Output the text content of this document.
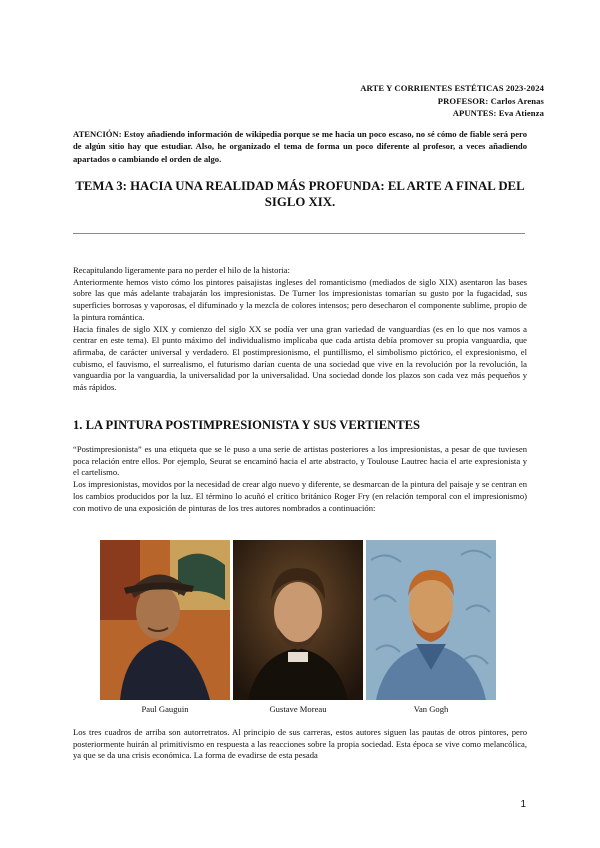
ARTE Y CORRIENTES ESTÉTICAS 2023-2024
PROFESOR: Carlos Arenas
APUNTES: Eva Atienza
ATENCIÓN: Estoy añadiendo información de wikipedia porque se me hacia un poco escaso, no sé cómo de fiable será pero de algún sitio hay que estudiar. Also, he organizado el tema de forma un poco diferente al profesor, a veces añadiendo apartados o cambiando el orden de algo.
TEMA 3: HACIA UNA REALIDAD MÁS PROFUNDA: EL ARTE A FINAL DEL SIGLO XIX.

Recapitulando ligeramente para no perder el hilo de la historia:

Anteriormente hemos visto cómo los pintores paisajistas ingleses del romanticismo (mediados de siglo XIX) asentaron las bases sobre las que más adelante trabajarán los impresionistas. De Turner los impresionistas tomarían su gusto por la fugacidad, sus superficies borrosas y vaporosas, el difuminado y la mezcla de colores intensos; pero desecharon el componente sublime, propio de la pintura romántica.

Hacia finales de siglo XIX y comienzo del siglo XX se podía ver una gran variedad de vanguardias (es en lo que nos vamos a centrar en este tema). El punto máximo del individualismo implicaba que cada artista debía promover su propia vanguardia, que afirmaba, de carácter universal y verdadero. El postimpresionismo, el puntillismo, el simbolismo pictórico, el expresionismo, el cubismo, el fauvismo, el surrealismo, el futurismo darían cuenta de una sociedad que vive en la revolución por la revolución, la vanguardia por la vanguardia, la universalidad por la universalidad. Una sociedad donde los plazos son cada vez más pequeños y más rápidos.

1. LA PINTURA POSTIMPRESIONISTA Y SUS VERTIENTES

“Postimpresionista” es una etiqueta que se le puso a una serie de artistas posteriores a los impresionistas, a pesar de que tuviesen poca relación entre ellos. Por ejemplo, Seurat se encaminó hacia el arte abstracto, y Toulouse Lautrec hacia el arte expresionista y el cartelismo.

Los impresionistas, movidos por la necesidad de crear algo nuevo y diferente, se desmarcan de la pintura del paisaje y se centran en los cambios producidos por la luz. El término lo acuñó el crítico británico Roger Fry (en relación temporal con el impresionismo) con motivo de una exposición de pinturas de los tres autores nombrados a continuación:

Paul Gauguin	Gustave Moreau	Van Gogh

Los tres cuadros de arriba son autorretratos. Al principio de sus carreras, estos autores siguen las pautas de otros pintores, pero posteriormente huirán al primitivismo en respuesta a las reacciones sobre la propia sociedad. Esta época se vive como melancólica, ya que se da una crisis económica. La forma de evadirse de esta pesada

1
